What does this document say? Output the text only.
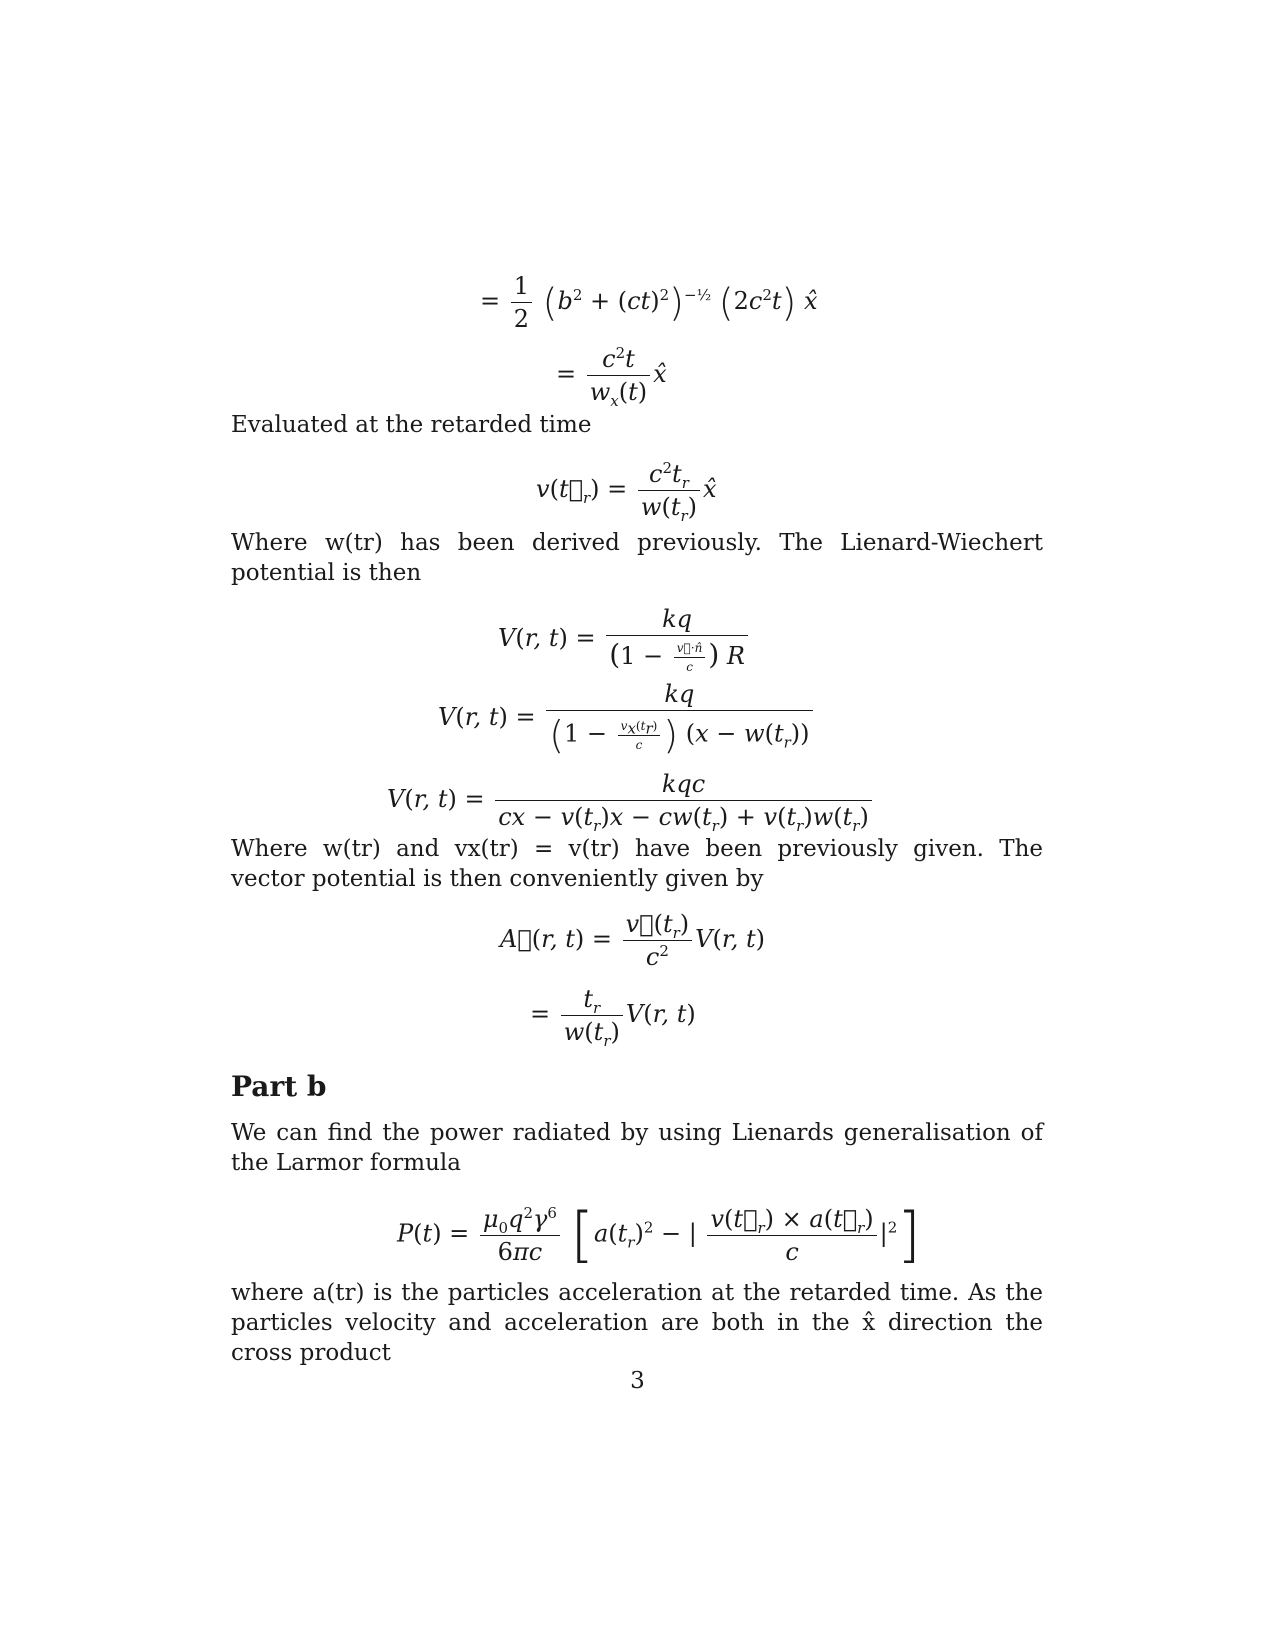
= $\frac{1}{2} (b^2 + (ct)^2)^{-\frac{1}{2}}$ $(2c^2t)$ x̂
= $\frac{c^2t}{w_x(t)}$ x̂
Evaluated at the retarded time
$v(t⃗_r) = \frac{c^2t_r}{w(t_r)}$ x̂
Where w(tr) has been derived previously. The Lienard-Wiechert potential is then
V(r, $t) = \frac{kq}{(1 - \frac{v⃗\cdot n̂}{c} ) R}$
V(r, $t) = \frac{kq}{(1 - \frac{v_x(t_r)}{c} ) (x - w(t_r))}$
V(r, $t) = \frac{\text{kqc}}{cx - v(t_r)x - cw(t_r) + v(t_r)w(t_r)}$
Where w(tr) and vx(tr) = v(tr) have been previously given. The vector potential is then conveniently given by
A⃗(r, $t) = \frac{v⃗(t_r)}{c^2} V(r$, t)
= $\frac{t_r}{w(t_r)} V(r$, t)
Part b
We can find the power radiated by using Lienards generalisation of the Larmor formula
$P(t) = \frac{\mu_0q^2\gamma^6}{6\pi c} [a(t_r)^2$ − | $\frac{v(t⃗_r) \times a(t⃗_r)}{c} |^2$]
where a(tr) is the particles acceleration at the retarded time. As the particles velocity and acceleration are both in the x̂ direction the cross product
3
